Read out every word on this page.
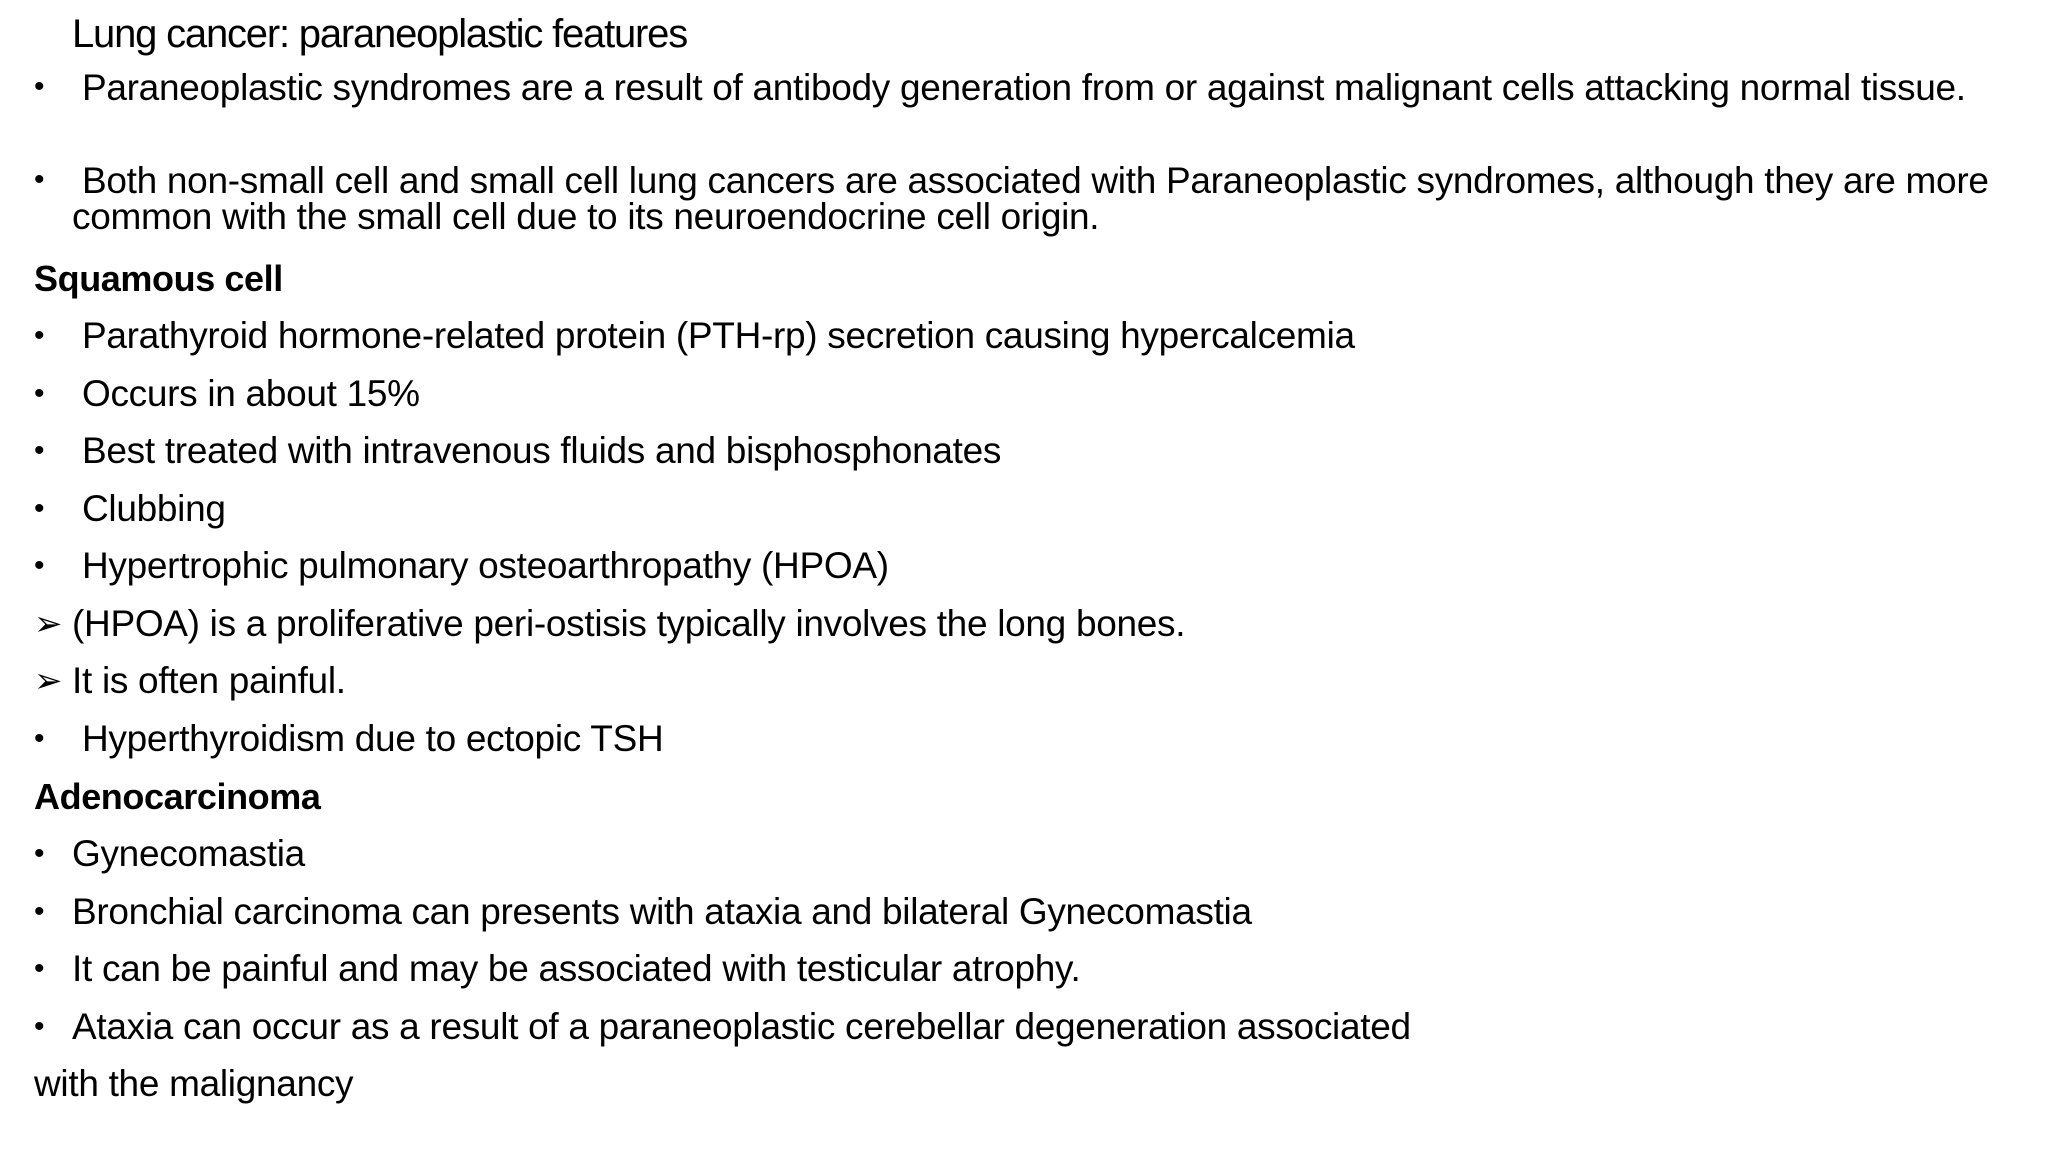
Lung cancer: paraneoplastic features
• Paraneoplastic syndromes are a result of antibody generation from or against malignant cells attacking normal tissue.
• Both non-small cell and small cell lung cancers are associated with Paraneoplastic syndromes, although they are more common with the small cell due to its neuroendocrine cell origin.
Squamous cell
• Parathyroid hormone-related protein (PTH-rp) secretion causing hypercalcemia
• Occurs in about 15%
• Best treated with intravenous fluids and bisphosphonates
• Clubbing
• Hypertrophic pulmonary osteoarthropathy (HPOA)
➢ (HPOA) is a proliferative peri-ostisis typically involves the long bones.
➢ It is often painful.
• Hyperthyroidism due to ectopic TSH
Adenocarcinoma
• Gynecomastia
• Bronchial carcinoma can presents with ataxia and bilateral Gynecomastia
• It can be painful and may be associated with testicular atrophy.
• Ataxia can occur as a result of a paraneoplastic cerebellar degeneration associated
with the malignancy
